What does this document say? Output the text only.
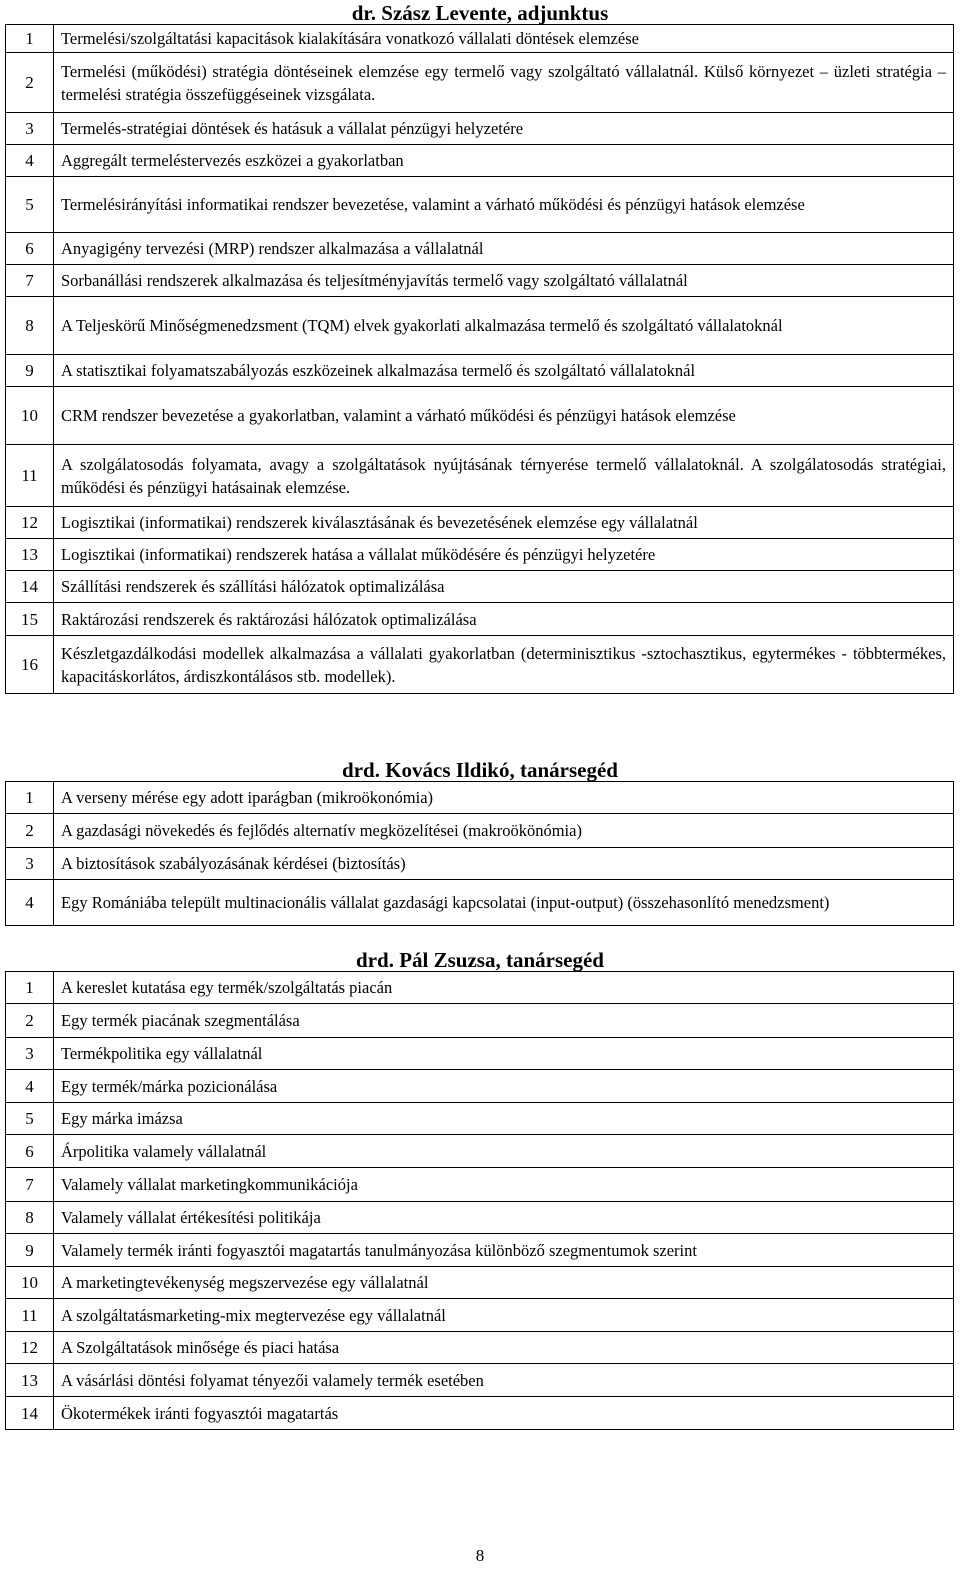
dr. Szász Levente, adjunktus
1	Termelési/szolgáltatási kapacitások kialakítására vonatkozó vállalati döntések elemzése
2	Termelési (működési) stratégia döntéseinek elemzése egy termelő vagy szolgáltató vállalatnál. Külső környezet – üzleti stratégia – termelési stratégia összefüggéseinek vizsgálata.
3	Termelés-stratégiai döntések és hatásuk a vállalat pénzügyi helyzetére
4	Aggregált termeléstervezés eszközei a gyakorlatban
5	Termelésirányítási informatikai rendszer bevezetése, valamint a várható működési és pénzügyi hatások elemzése
6	Anyagigény tervezési (MRP) rendszer alkalmazása a vállalatnál
7	Sorbanállási rendszerek alkalmazása és teljesítményjavítás termelő vagy szolgáltató vállalatnál
8	A Teljeskörű Minőségmenedzsment (TQM) elvek gyakorlati alkalmazása termelő és szolgáltató vállalatoknál
9	A statisztikai folyamatszabályozás eszközeinek alkalmazása termelő és szolgáltató vállalatoknál
10	CRM rendszer bevezetése a gyakorlatban, valamint a várható működési és pénzügyi hatások elemzése
11	A szolgálatosodás folyamata, avagy a szolgáltatások nyújtásának térnyerése termelő vállalatoknál. A szolgálatosodás stratégiai, működési és pénzügyi hatásainak elemzése.
12	Logisztikai (informatikai) rendszerek kiválasztásának és bevezetésének elemzése egy vállalatnál
13	Logisztikai (informatikai) rendszerek hatása a vállalat működésére és pénzügyi helyzetére
14	Szállítási rendszerek és szállítási hálózatok optimalizálása
15	Raktározási rendszerek és raktározási hálózatok optimalizálása
16	Készletgazdálkodási modellek alkalmazása a vállalati gyakorlatban (determinisztikus -sztochasztikus, egytermékes - többtermékes, kapacitáskorlátos, árdiszkontálásos stb. modellek).
drd. Kovács Ildikó, tanársegéd
1	A verseny mérése egy adott iparágban (mikroökonómia)
2	A gazdasági növekedés és fejlődés alternatív megközelítései (makroökönómia)
3	A biztosítások szabályozásának kérdései (biztosítás)
4	Egy Romániába települt multinacionális vállalat gazdasági kapcsolatai (input-output) (összehasonlító menedzsment)
drd. Pál Zsuzsa, tanársegéd
1	A kereslet kutatása egy termék/szolgáltatás piacán
2	Egy termék piacának szegmentálása
3	Termékpolitika egy vállalatnál
4	Egy termék/márka pozicionálása
5	Egy márka imázsa
6	Árpolitika valamely vállalatnál
7	Valamely vállalat marketingkommunikációja
8	Valamely vállalat értékesítési politikája
9	Valamely termék iránti fogyasztói magatartás tanulmányozása különböző szegmentumok szerint
10	A marketingtevékenység megszervezése egy vállalatnál
11	A szolgáltatásmarketing-mix megtervezése egy vállalatnál
12	A Szolgáltatások minősége és piaci hatása
13	A vásárlási döntési folyamat tényezői valamely termék esetében
14	Ökotermékek iránti fogyasztói magatartás
8
